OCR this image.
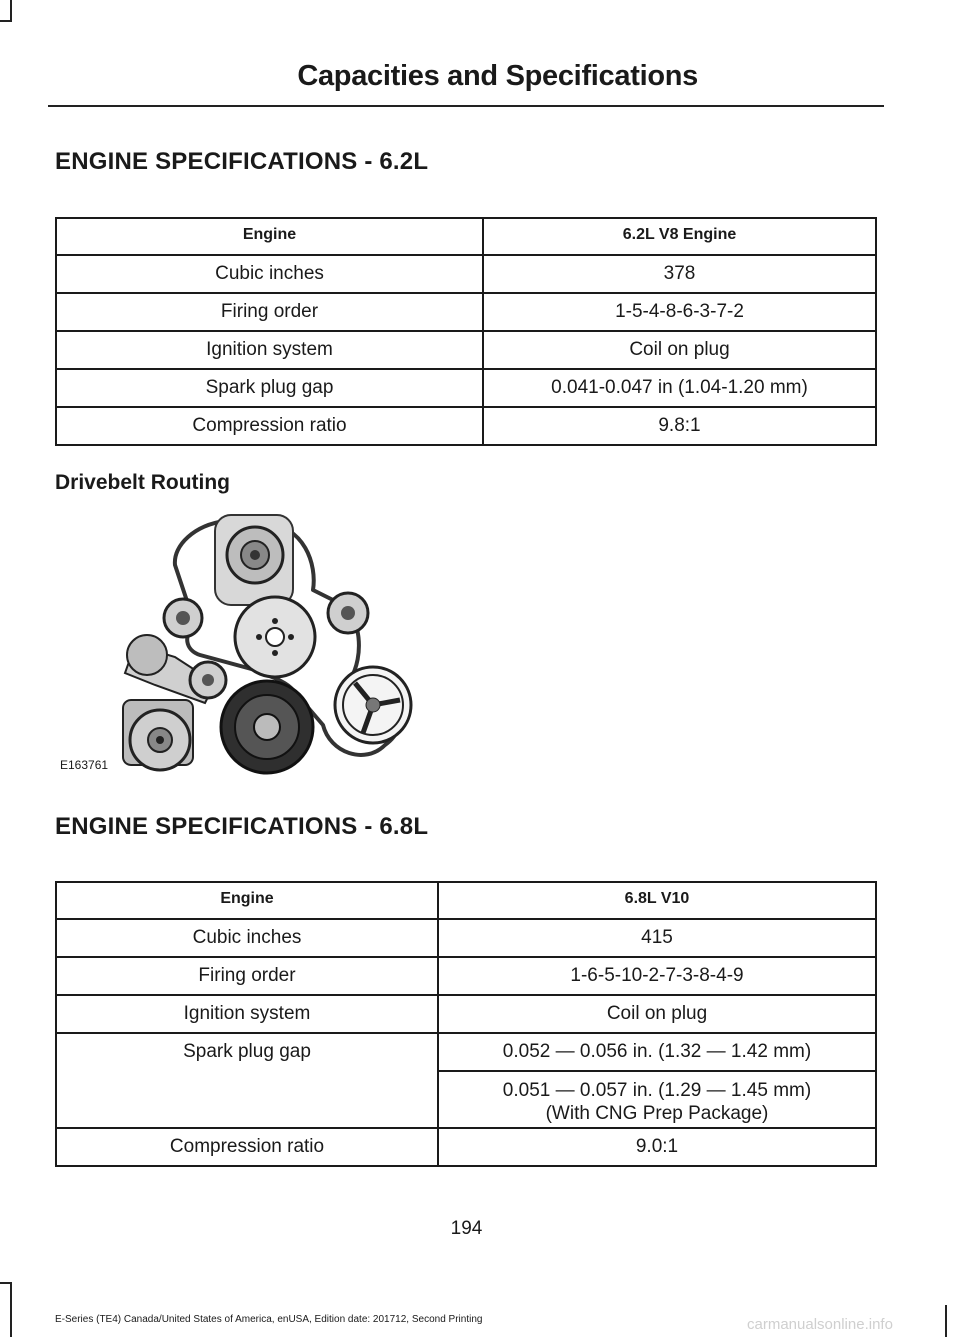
Capacities and Specifications
ENGINE SPECIFICATIONS - 6.2L
Engine	6.2L V8 Engine
Cubic inches	378
Firing order	1-5-4-8-6-3-7-2
Ignition system	Coil on plug
Spark plug gap	0.041-0.047 in (1.04-1.20 mm)
Compression ratio	9.8:1
Drivebelt Routing
E163761
ENGINE SPECIFICATIONS - 6.8L
Engine	6.8L V10
Cubic inches	415
Firing order	1-6-5-10-2-7-3-8-4-9
Ignition system	Coil on plug
Spark plug gap	0.052 — 0.056 in. (1.32 — 1.42 mm)

	0.051 — 0.057 in. (1.29 — 1.45 mm)
(With CNG Prep Package)

Compression ratio	9.0:1
194
E-Series (TE4) Canada/United States of America, enUSA, Edition date: 201712, Second Printing	carmanualsonline.info
